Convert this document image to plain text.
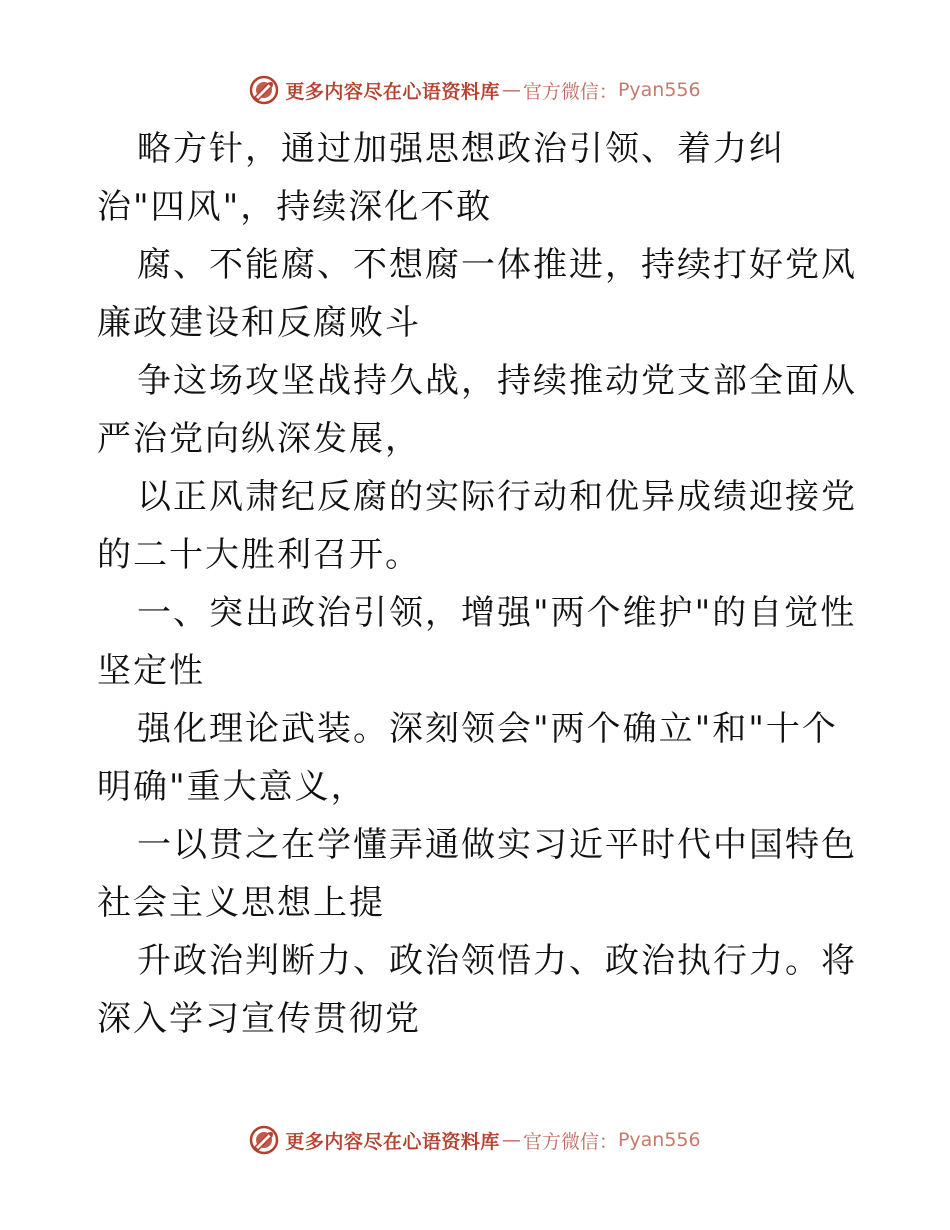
更多内容尽在心语资料库 — 官方微信： Pyan556

略方针，通过加强思想政治引领、着力纠治"四风"，持续深化不敢

腐、不能腐、不想腐一体推进，持续打好党风廉政建设和反腐败斗

争这场攻坚战持久战，持续推动党支部全面从严治党向纵深发展，

以正风肃纪反腐的实际行动和优异成绩迎接党的二十大胜利召开。

一、突出政治引领，增强"两个维护"的自觉性坚定性

强化理论武装。深刻领会"两个确立"和"十个明确"重大意义，

一以贯之在学懂弄通做实习近平时代中国特色社会主义思想上提

升政治判断力、政治领悟力、政治执行力。将深入学习宣传贯彻党

更多内容尽在心语资料库 — 官方微信： Pyan556
